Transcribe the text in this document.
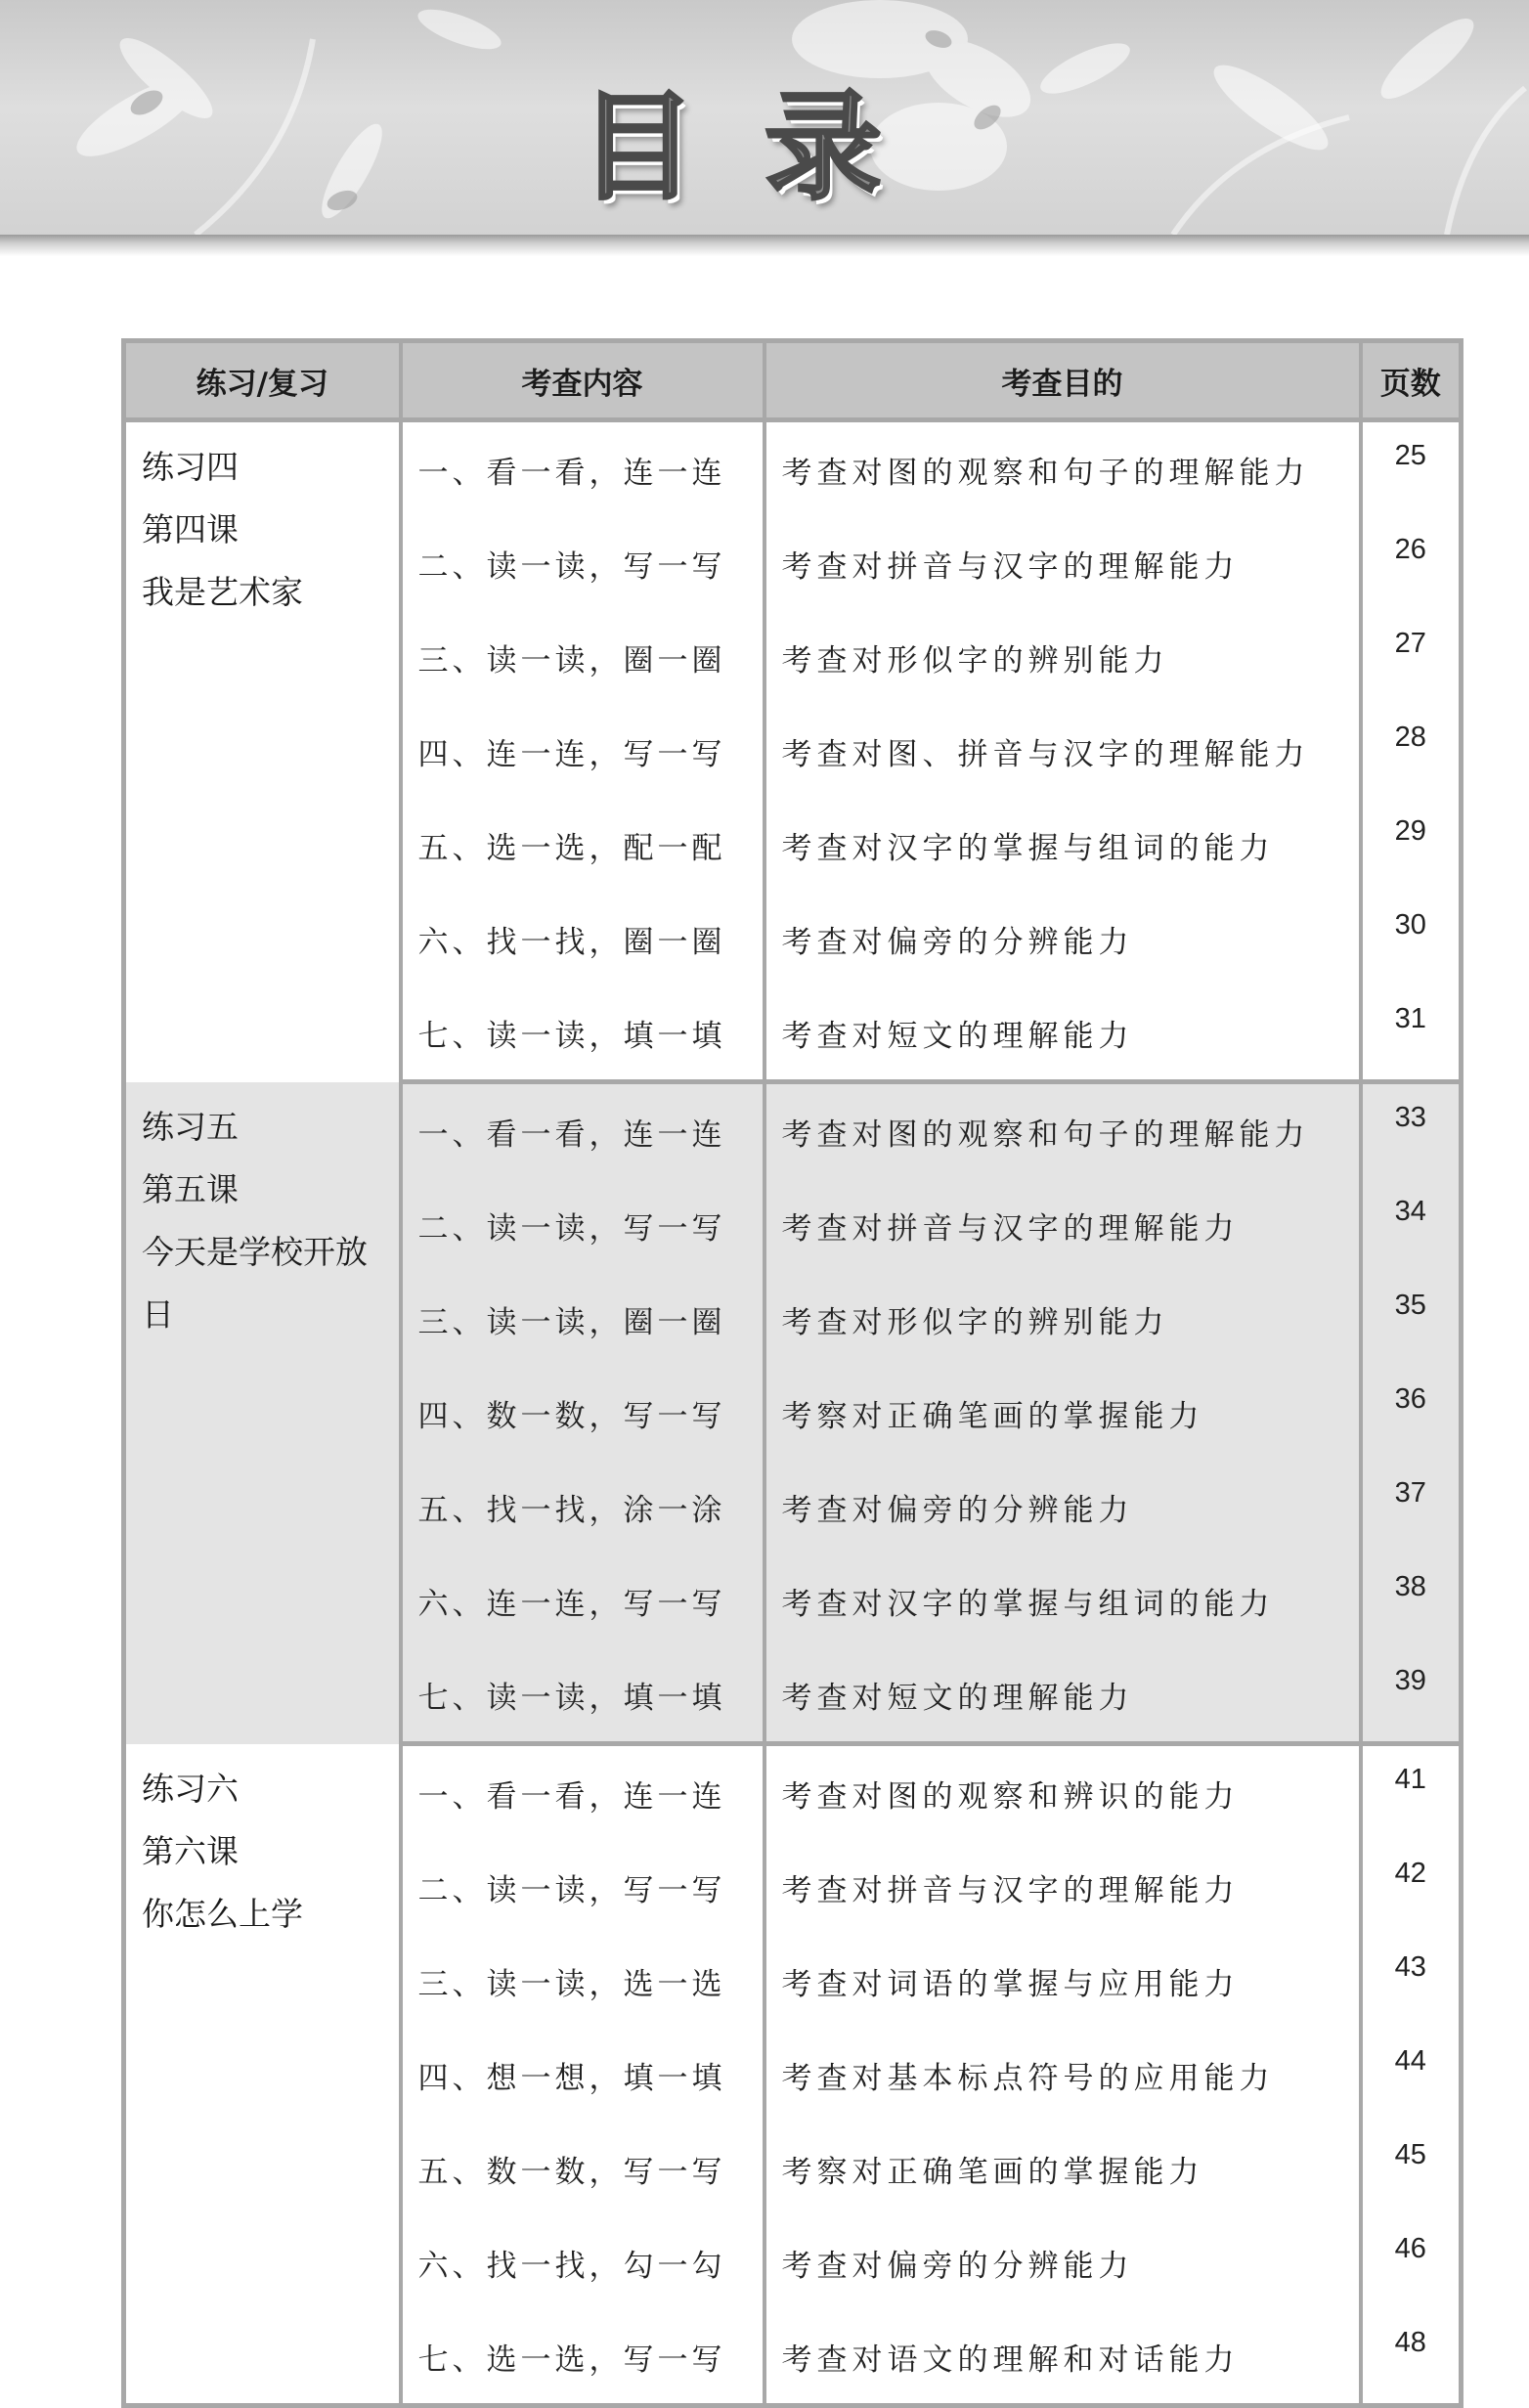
目录
练习/复习	考查内容	考查目的	页数

练习四
第四课
我是艺术家	一、看一看，连一连	考查对图的观察和句子的理解能力	25
	二、读一读，写一写	考查对拼音与汉字的理解能力	26
	三、读一读，圈一圈	考查对形似字的辨别能力	27
	四、连一连，写一写	考查对图、拼音与汉字的理解能力	28
	五、选一选，配一配	考查对汉字的掌握与组词的能力	29
	六、找一找，圈一圈	考查对偏旁的分辨能力	30
	七、读一读，填一填	考查对短文的理解能力	31

练习五
第五课
今天是学校开放
日	一、看一看，连一连	考查对图的观察和句子的理解能力	33
	二、读一读，写一写	考查对拼音与汉字的理解能力	34
	三、读一读，圈一圈	考查对形似字的辨别能力	35
	四、数一数，写一写	考察对正确笔画的掌握能力	36
	五、找一找，涂一涂	考查对偏旁的分辨能力	37
	六、连一连，写一写	考查对汉字的掌握与组词的能力	38
	七、读一读，填一填	考查对短文的理解能力	39

练习六
第六课
你怎么上学	一、看一看，连一连	考查对图的观察和辨识的能力	41
	二、读一读，写一写	考查对拼音与汉字的理解能力	42
	三、读一读，选一选	考查对词语的掌握与应用能力	43
	四、想一想，填一填	考查对基本标点符号的应用能力	44
	五、数一数，写一写	考察对正确笔画的掌握能力	45
	六、找一找，勾一勾	考查对偏旁的分辨能力	46
	七、选一选，写一写	考查对语文的理解和对话能力	48
